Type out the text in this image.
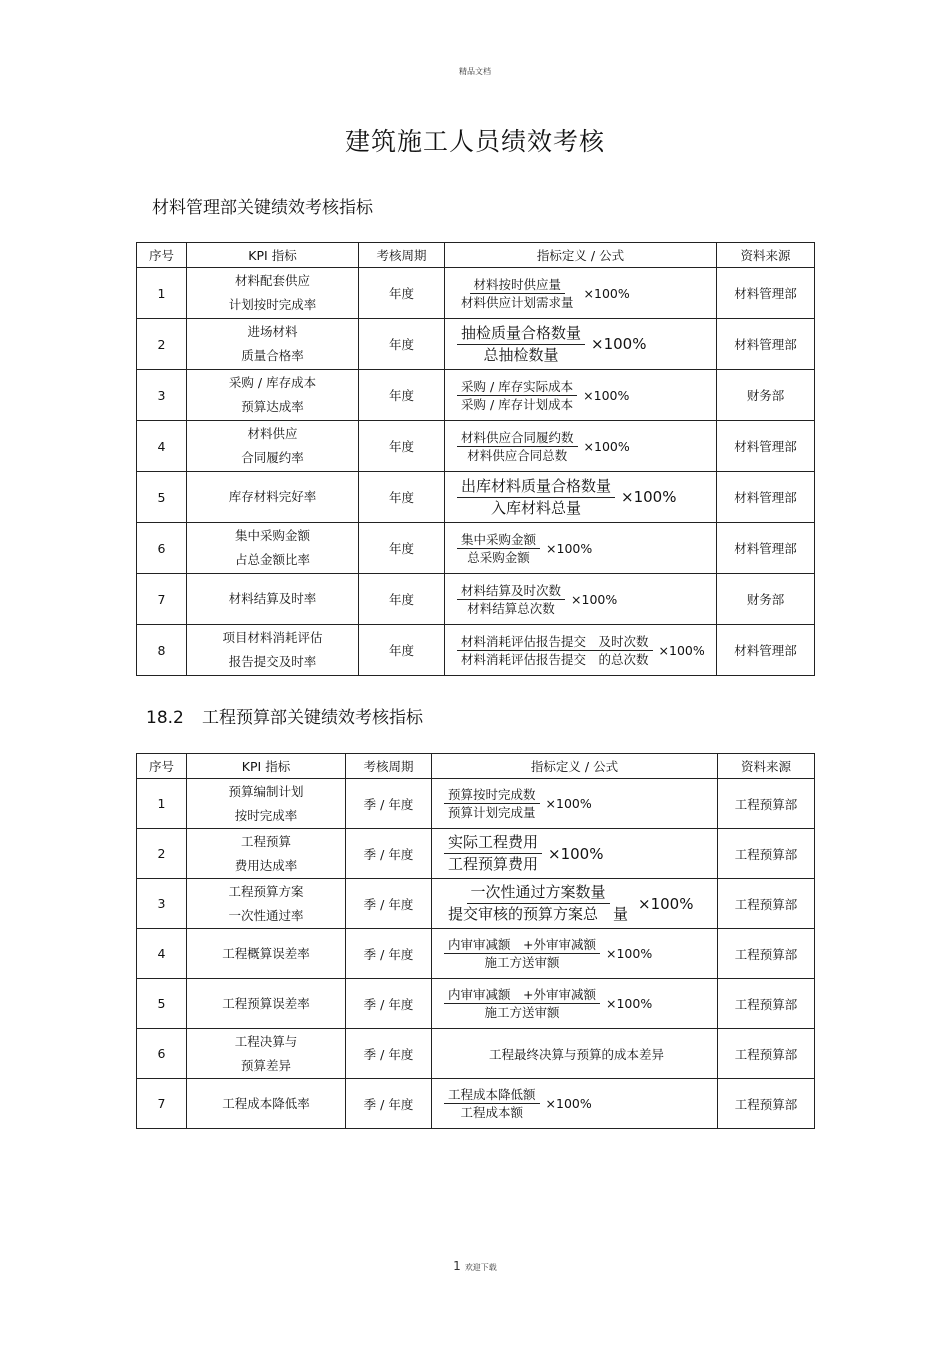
精品文档
建筑施工人员绩效考核
材料管理部关键绩效考核指标
序号	KPI 指标	考核周期	指标定义 / 公式	资料来源
1	材料配套供应
计划按时完成率	年度	$\frac{\text{材料按时供应量}}{\text{材料供应计划需求量}} \times 100\%$	材料管理部
2	进场材料
质量合格率	年度	$\frac{\text{抽检质量合格数量}}{\text{总抽检数量}} \times 100\%$	材料管理部
3	采购 / 库存成本
预算达成率	年度	$\frac{\text{采购 / 库存实际成本}}{\text{采购 / 库存计划成本}} \times 100\%$	财务部
4	材料供应
合同履约率	年度	$\frac{\text{材料供应合同履约数}}{\text{材料供应合同总数}} \times 100\%$	材料管理部
5	库存材料完好率	年度	$\frac{\text{出库材料质量合格数量}}{\text{入库材料总量}} \times 100\%$	材料管理部
6	集中采购金额
占总金额比率	年度	$\frac{\text{集中采购金额}}{\text{总采购金额}} \times 100\%$	材料管理部
7	材料结算及时率	年度	$\frac{\text{材料结算及时次数}}{\text{材料结算总次数}} \times 100\%$	财务部
8	项目材料消耗评估
报告提交及时率	年度	$\frac{\text{材料消耗评估报告提交　及时次数}}{\text{材料消耗评估报告提交　的总次数}} \times 100\%$	材料管理部
18.2 工程预算部关键绩效考核指标
序号	KPI 指标	考核周期	指标定义 / 公式	资料来源
1	预算编制计划
按时完成率	季 / 年度	$\frac{\text{预算按时完成数}}{\text{预算计划完成量}} \times 100\%$	工程预算部
2	工程预算
费用达成率	季 / 年度	$\frac{\text{实际工程费用}}{\text{工程预算费用}} \times 100\%$	工程预算部
3	工程预算方案
一次性通过率	季 / 年度	$\frac{\text{一次性通过方案数量}}{\text{提交审核的预算方案总　量}} \times 100\%$	工程预算部
4	工程概算误差率	季 / 年度	$\frac{\text{内审审减额　+外审审减额}}{\text{施工方送审额}} \times 100\%$	工程预算部
5	工程预算误差率	季 / 年度	$\frac{\text{内审审减额　+外审审减额}}{\text{施工方送审额}} \times 100\%$	工程预算部
6	工程决算与
预算差异	季 / 年度	工程最终决算与预算的成本差异	工程预算部
7	工程成本降低率	季 / 年度	$\frac{\text{工程成本降低额}}{\text{工程成本额}} \times 100\%$	工程预算部
1 欢迎下载
